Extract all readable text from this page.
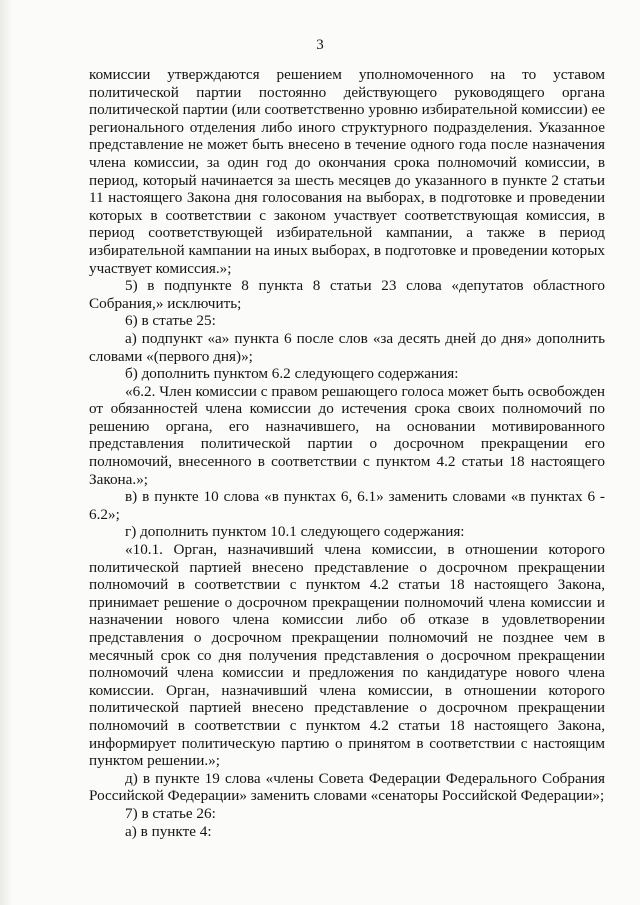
3

комиссии утверждаются решением уполномоченного на то уставом политической партии постоянно действующего руководящего органа политической партии (или соответственно уровню избирательной комиссии) ее регионального отделения либо иного структурного подразделения. Указанное представление не может быть внесено в течение одного года после назначения члена комиссии, за один год до окончания срока полномочий комиссии, в период, который начинается за шесть месяцев до указанного в пункте 2 статьи 11 настоящего Закона дня голосования на выборах, в подготовке и проведении которых в соответствии с законом участвует соответствующая комиссия, в период соответствующей избирательной кампании, а также в период избирательной кампании на иных выборах, в подготовке и проведении которых участвует комиссия.»;

5) в подпункте 8 пункта 8 статьи 23 слова «депутатов областного Собрания,» исключить;

6) в статье 25:

а) подпункт «а» пункта 6 после слов «за десять дней до дня» дополнить словами «(первого дня)»;

б) дополнить пунктом 6.2 следующего содержания:

«6.2. Член комиссии с правом решающего голоса может быть освобожден от обязанностей члена комиссии до истечения срока своих полномочий по решению органа, его назначившего, на основании мотивированного представления политической партии о досрочном прекращении его полномочий, внесенного в соответствии с пунктом 4.2 статьи 18 настоящего Закона.»;

в) в пункте 10 слова «в пунктах 6, 6.1» заменить словами «в пунктах 6 - 6.2»;

г) дополнить пунктом 10.1 следующего содержания:

«10.1. Орган, назначивший члена комиссии, в отношении которого политической партией внесено представление о досрочном прекращении полномочий в соответствии с пунктом 4.2 статьи 18 настоящего Закона, принимает решение о досрочном прекращении полномочий члена комиссии и назначении нового члена комиссии либо об отказе в удовлетворении представления о досрочном прекращении полномочий не позднее чем в месячный срок со дня получения представления о досрочном прекращении полномочий члена комиссии и предложения по кандидатуре нового члена комиссии. Орган, назначивший члена комиссии, в отношении которого политической партией внесено представление о досрочном прекращении полномочий в соответствии с пунктом 4.2 статьи 18 настоящего Закона, информирует политическую партию о принятом в соответствии с настоящим пунктом решении.»;

д) в пункте 19 слова «члены Совета Федерации Федерального Собрания Российской Федерации» заменить словами «сенаторы Российской Федерации»;

7) в статье 26:

а) в пункте 4:
